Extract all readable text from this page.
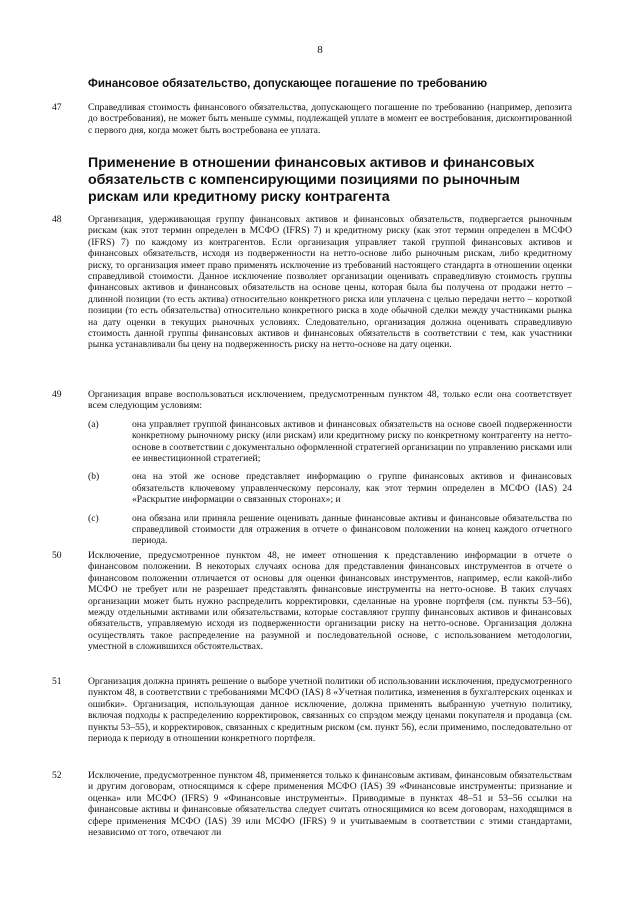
8
Финансовое обязательство, допускающее погашение по требованию
47	Справедливая стоимость финансового обязательства, допускающего погашение по требованию (например, депозита до востребования), не может быть меньше суммы, подлежащей уплате в момент ее востребования, дисконтированной с первого дня, когда может быть востребована ее уплата.
Применение в отношении финансовых активов и финансовых обязательств с компенсирующими позициями по рыночным рискам или кредитному риску контрагента
48	Организация, удерживающая группу финансовых активов и финансовых обязательств, подвергается рыночным рискам (как этот термин определен в МСФО (IFRS) 7) и кредитному риску (как этот термин определен в МСФО (IFRS) 7) по каждому из контрагентов. Если организация управляет такой группой финансовых активов и финансовых обязательств, исходя из подверженности на нетто-основе либо рыночным рискам, либо кредитному риску, то организация имеет право применять исключение из требований настоящего стандарта в отношении оценки справедливой стоимости. Данное исключение позволяет организации оценивать справедливую стоимость группы финансовых активов и финансовых обязательств на основе цены, которая была бы получена от продажи нетто – длинной позиции (то есть актива) относительно конкретного риска или уплачена с целью передачи нетто – короткой позиции (то есть обязательства) относительно конкретного риска в ходе обычной сделки между участниками рынка на дату оценки в текущих рыночных условиях. Следовательно, организация должна оценивать справедливую стоимость данной группы финансовых активов и финансовых обязательств в соответствии с тем, как участники рынка устанавливали бы цену на подверженность риску на нетто-основе на дату оценки.
49	Организация вправе воспользоваться исключением, предусмотренным пунктом 48, только если она соответствует всем следующим условиям:
(a)	она управляет группой финансовых активов и финансовых обязательств на основе своей подверженности конкретному рыночному риску (или рискам) или кредитному риску по конкретному контрагенту на нетто-основе в соответствии с документально оформленной стратегией организации по управлению рисками или ее инвестиционной стратегией;
(b)	она на этой же основе представляет информацию о группе финансовых активов и финансовых обязательств ключевому управленческому персоналу, как этот термин определен в МСФО (IAS) 24 «Раскрытие информации о связанных сторонах»; и
(c)	она обязана или приняла решение оценивать данные финансовые активы и финансовые обязательства по справедливой стоимости для отражения в отчете о финансовом положении на конец каждого отчетного периода.
50	Исключение, предусмотренное пунктом 48, не имеет отношения к представлению информации в отчете о финансовом положении. В некоторых случаях основа для представления финансовых инструментов в отчете о финансовом положении отличается от основы для оценки финансовых инструментов, например, если какой-либо МСФО не требует или не разрешает представлять финансовые инструменты на нетто-основе. В таких случаях организации может быть нужно распределить корректировки, сделанные на уровне портфеля (см. пункты 53–56), между отдельными активами или обязательствами, которые составляют группу финансовых активов и финансовых обязательств, управляемую исходя из подверженности организации риску на нетто-основе. Организация должна осуществлять такое распределение на разумной и последовательной основе, с использованием методологии, уместной в сложившихся обстоятельствах.
51	Организация должна принять решение о выборе учетной политики об использовании исключения, предусмотренного пунктом 48, в соответствии с требованиями МСФО (IAS) 8 «Учетная политика, изменения в бухгалтерских оценках и ошибки». Организация, использующая данное исключение, должна применять выбранную учетную политику, включая подходы к распределению корректировок, связанных со спрэдом между ценами покупателя и продавца (см. пункты 53–55), и корректировок, связанных с кредитным риском (см. пункт 56), если применимо, последовательно от периода к периоду в отношении конкретного портфеля.
52	Исключение, предусмотренное пунктом 48, применяется только к финансовым активам, финансовым обязательствам и другим договорам, относящимся к сфере применения МСФО (IAS) 39 «Финансовые инструменты: признание и оценка» или МСФО (IFRS) 9 «Финансовые инструменты». Приводимые в пунктах 48–51 и 53–56 ссылки на финансовые активы и финансовые обязательства следует считать относящимися ко всем договорам, находящимся в сфере применения МСФО (IAS) 39 или МСФО (IFRS) 9 и учитываемым в соответствии с этими стандартами, независимо от того, отвечают ли
